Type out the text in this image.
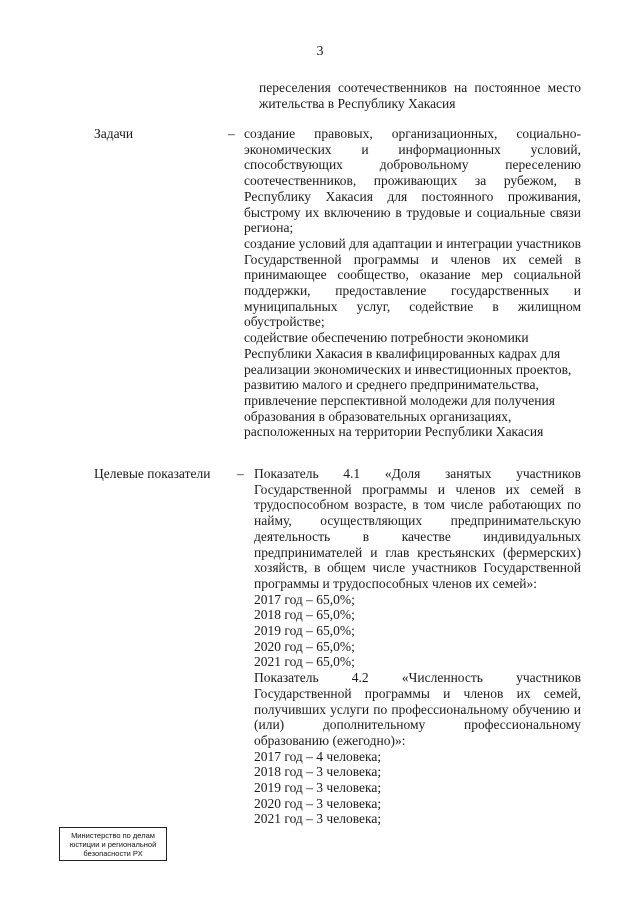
3

переселения соотечественников на постоянное место

жительства в Республику Хакасия

Задачи	– создание правовых, организационных, социально-экономических и информационных условий, способствующих добровольному переселению соотечественников, проживающих за рубежом, в Республику Хакасия для постоянного проживания, быстрому их включению в трудовые и социальные связи региона;

создание условий для адаптации и интеграции участников Государственной программы и членов их семей в принимающее сообщество, оказание мер социальной поддержки, предоставление государственных и муниципальных услуг, содействие в жилищном обустройстве;

содействие обеспечению потребности экономики Республики Хакасия в квалифицированных кадрах для реализации экономических и инвестиционных проектов, развитию малого и среднего предпринимательства, привлечение перспективной молодежи для получения образования в образовательных организациях, расположенных на территории Республики Хакасия

Целевые показатели – Показатель 4.1 «Доля занятых участников Государственной программы и членов их семей в трудоспособном возрасте, в том числе работающих по найму, осуществляющих предпринимательскую деятельность в качестве индивидуальных предпринимателей и глав крестьянских (фермерских) хозяйств, в общем числе участников Государственной программы и трудоспособных членов их семей»:

2017 год – 65,0%;

2018 год – 65,0%;

2019 год – 65,0%;

2020 год – 65,0%;

2021 год – 65,0%;

Показатель 4.2 «Численность участников Государственной программы и членов их семей, получивших услуги по профессиональному обучению и (или) дополнительному профессиональному образованию (ежегодно)»:

2017 год – 4 человека;

2018 год – 3 человека;

2019 год – 3 человека;

2020 год – 3 человека;

2021 год – 3 человека;

Министерство по делам
юстиции и региональной
безопасности РХ
